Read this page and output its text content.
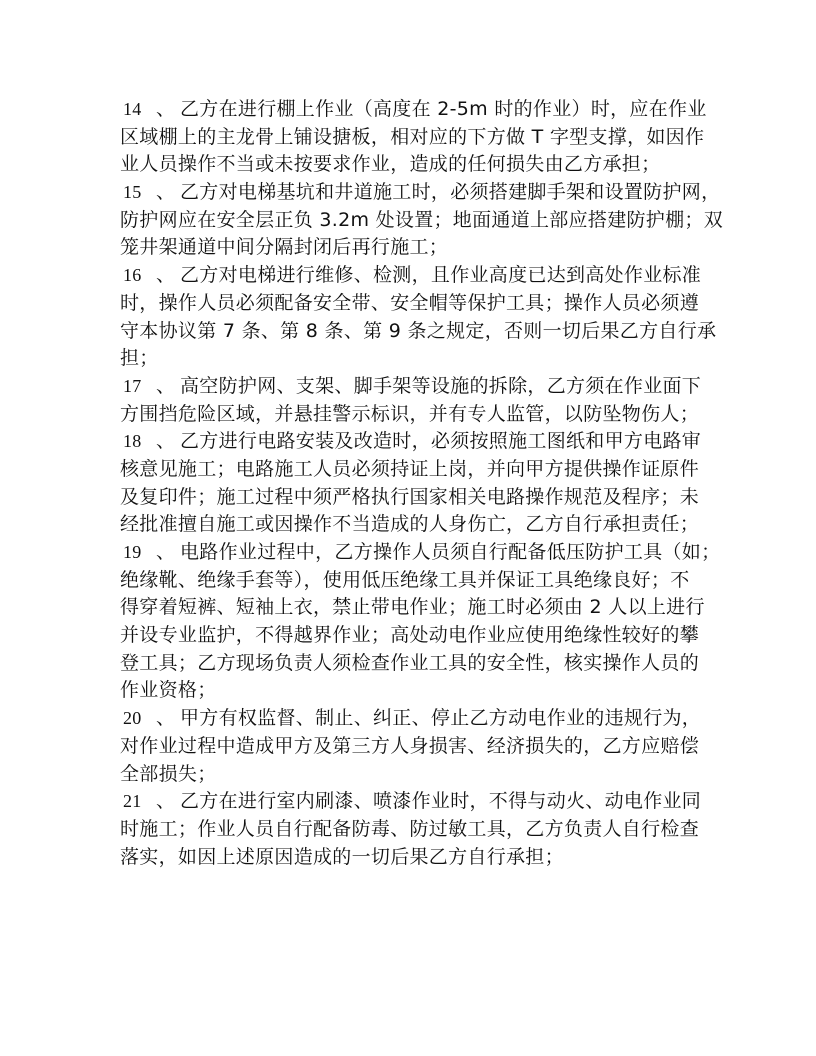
14 、 乙方在进行棚上作业（高度在 2-5m 时的作业）时，应在作业
区域棚上的主龙骨上铺设搪板，相对应的下方做 T 字型支撑，如因作
业人员操作不当或未按要求作业，造成的任何损失由乙方承担；
15 、 乙方对电梯基坑和井道施工时，必须搭建脚手架和设置防护网，
防护网应在安全层正负 3.2m 处设置；地面通道上部应搭建防护棚；双
笼井架通道中间分隔封闭后再行施工；
16 、 乙方对电梯进行维修、检测，且作业高度已达到高处作业标准
时，操作人员必须配备安全带、安全帽等保护工具；操作人员必须遵
守本协议第 7 条、第 8 条、第 9 条之规定，否则一切后果乙方自行承
担；
17 、 高空防护网、支架、脚手架等设施的拆除，乙方须在作业面下
方围挡危险区域，并悬挂警示标识，并有专人监管，以防坠物伤人；
18 、 乙方进行电路安装及改造时，必须按照施工图纸和甲方电路审
核意见施工；电路施工人员必须持证上岗，并向甲方提供操作证原件
及复印件；施工过程中须严格执行国家相关电路操作规范及程序；未
经批准擅自施工或因操作不当造成的人身伤亡，乙方自行承担责任；
19 、 电路作业过程中，乙方操作人员须自行配备低压防护工具（如；
绝缘靴、绝缘手套等），使用低压绝缘工具并保证工具绝缘良好；不
得穿着短裤、短袖上衣，禁止带电作业；施工时必须由 2 人以上进行
并设专业监护，不得越界作业；高处动电作业应使用绝缘性较好的攀
登工具；乙方现场负责人须检查作业工具的安全性，核实操作人员的
作业资格；
20 、 甲方有权监督、制止、纠正、停止乙方动电作业的违规行为，
对作业过程中造成甲方及第三方人身损害、经济损失的，乙方应赔偿
全部损失；
21 、 乙方在进行室内刷漆、喷漆作业时，不得与动火、动电作业同
时施工；作业人员自行配备防毒、防过敏工具，乙方负责人自行检查
落实，如因上述原因造成的一切后果乙方自行承担；
